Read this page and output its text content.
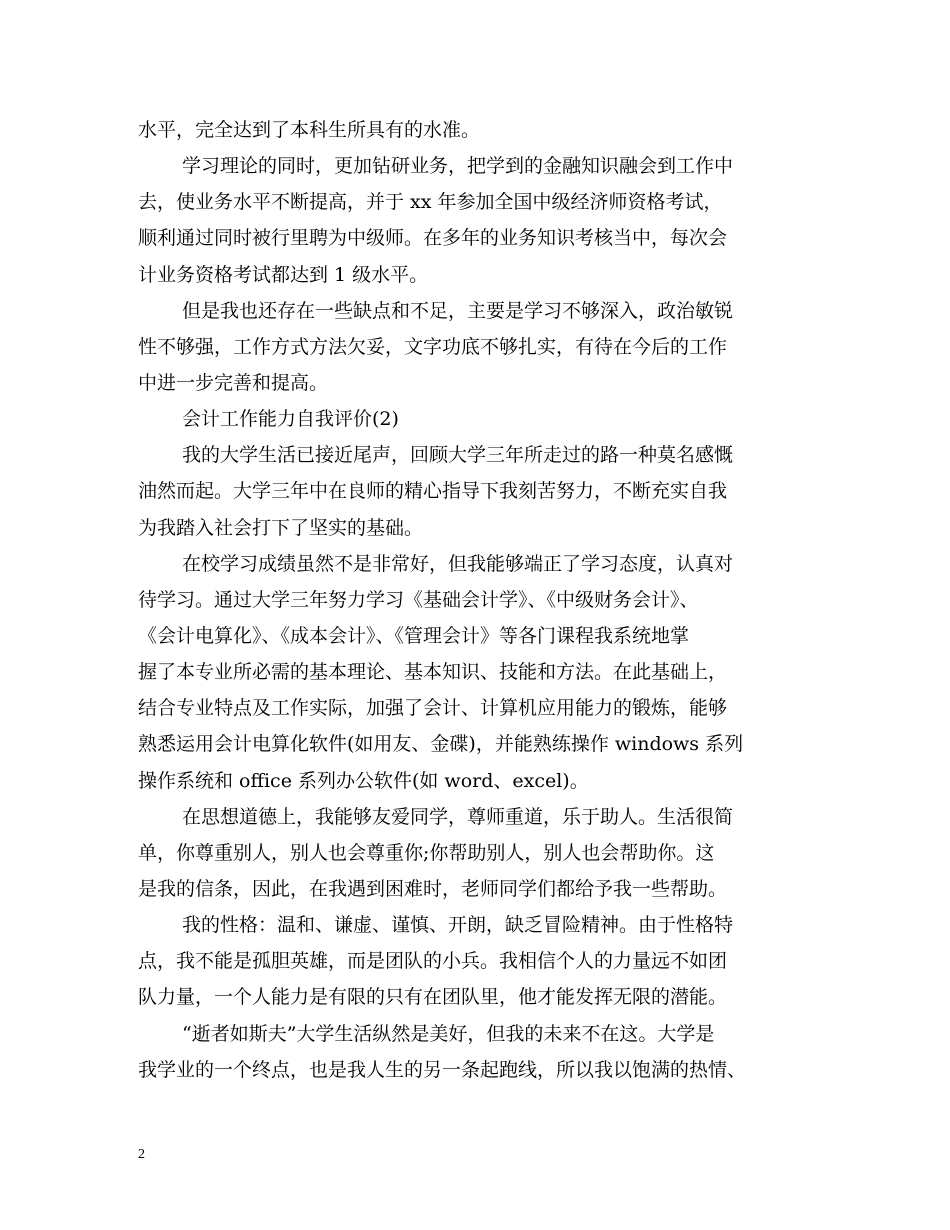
水平，完全达到了本科生所具有的水准。
学习理论的同时，更加钻研业务，把学到的金融知识融会到工作中
去，使业务水平不断提高，并于 xx 年参加全国中级经济师资格考试，
顺利通过同时被行里聘为中级师。在多年的业务知识考核当中，每次会
计业务资格考试都达到 1 级水平。
但是我也还存在一些缺点和不足，主要是学习不够深入，政治敏锐
性不够强，工作方式方法欠妥，文字功底不够扎实，有待在今后的工作
中进一步完善和提高。
会计工作能力自我评价(2)
我的大学生活已接近尾声，回顾大学三年所走过的路一种莫名感慨
油然而起。大学三年中在良师的精心指导下我刻苦努力，不断充实自我
为我踏入社会打下了坚实的基础。
在校学习成绩虽然不是非常好，但我能够端正了学习态度，认真对
待学习。通过大学三年努力学习《基础会计学》、《中级财务会计》、
《会计电算化》、《成本会计》、《管理会计》等各门课程我系统地掌
握了本专业所必需的基本理论、基本知识、技能和方法。在此基础上，
结合专业特点及工作实际，加强了会计、计算机应用能力的锻炼，能够
熟悉运用会计电算化软件(如用友、金碟)，并能熟练操作 windows 系列
操作系统和 office 系列办公软件(如 word、excel)。
在思想道德上，我能够友爱同学，尊师重道，乐于助人。生活很简
单，你尊重别人，别人也会尊重你;你帮助别人，别人也会帮助你。这
是我的信条，因此，在我遇到困难时，老师同学们都给予我一些帮助。
我的性格：温和、谦虚、谨慎、开朗，缺乏冒险精神。由于性格特
点，我不能是孤胆英雄，而是团队的小兵。我相信个人的力量远不如团
队力量，一个人能力是有限的只有在团队里，他才能发挥无限的潜能。
“逝者如斯夫”大学生活纵然是美好，但我的未来不在这。大学是
我学业的一个终点，也是我人生的另一条起跑线，所以我以饱满的热情、
2
